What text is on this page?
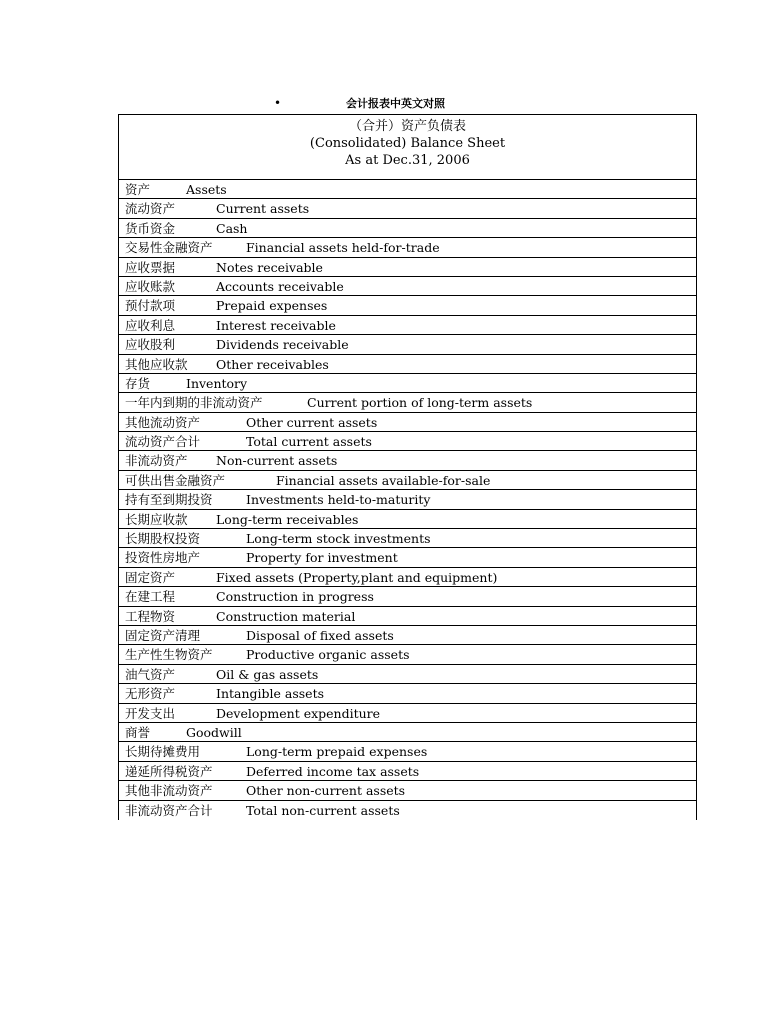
•	会计报表中英文对照
（合并）资产负债表
(Consolidated) Balance Sheet
As at Dec.31, 2006
资产	Assets
流动资产	Current assets
货币资金	Cash
交易性金融资产	Financial assets held-for-trade
应收票据	Notes receivable
应收账款	Accounts receivable
预付款项	Prepaid expenses
应收利息	Interest receivable
应收股利	Dividends receivable
其他应收款 Other receivables
存货	Inventory
一年内到期的非流动资产	Current portion of long-term assets
其他流动资产	Other current assets
流动资产合计	Total current assets
非流动资产 Non-current assets
可供出售金融资产	Financial assets available-for-sale
持有至到期投资	Investments held-to-maturity
长期应收款 Long-term receivables
长期股权投资	Long-term stock investments
投资性房地产	Property for investment
固定资产	Fixed assets (Property,plant and equipment)
在建工程	Construction in progress
工程物资	Construction material
固定资产清理	Disposal of fixed assets
生产性生物资产	Productive organic assets
油气资产	Oil & gas assets
无形资产	Intangible assets
开发支出	Development expenditure
商誉	Goodwill
长期待摊费用	Long-term prepaid expenses
递延所得税资产	Deferred income tax assets
其他非流动资产	Other non-current assets
非流动资产合计	Total non-current assets
